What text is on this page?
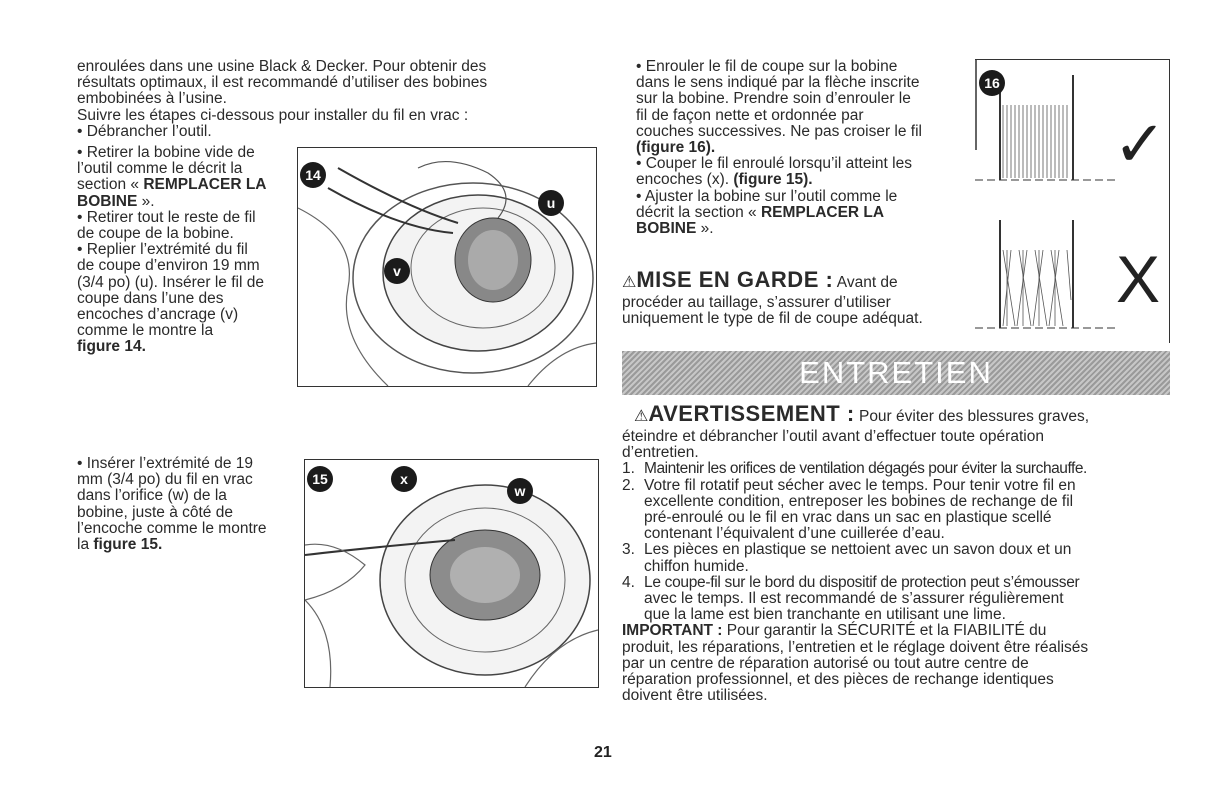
enroulées dans une usine Black & Decker. Pour obtenir des

résultats optimaux, il est recommandé d’utiliser des bobines

embobinées à l’usine.

Suivre les étapes ci-dessous pour installer du fil en vrac :

• Débrancher l’outil.

• Retirer la bobine vide de

l’outil comme le décrit la

section « REMPLACER LA

BOBINE ».

• Retirer tout le reste de fil

de coupe de la bobine.

• Replier l’extrémité du fil

de coupe d’environ 19 mm

(3/4 po) (u). Insérer le fil de

coupe dans l’une des

encoches d’ancrage (v)

comme le montre la

figure 14.

• Insérer l’extrémité de 19

mm (3/4 po) du fil en vrac

dans l’orifice (w) de la

bobine, juste à côté de

l’encoche comme le montre

la figure 15.

14
u
v
15	x
w

• Enrouler le fil de coupe sur la bobine

dans le sens indiqué par la flèche inscrite

sur la bobine. Prendre soin d’enrouler le

fil de façon nette et ordonnée par

couches successives. Ne pas croiser le fil

(figure 16).

• Couper le fil enroulé lorsqu’il atteint les

encoches (x). (figure 15).

• Ajuster la bobine sur l’outil comme le

décrit la section « REMPLACER LA

BOBINE ».

16
✓
X

⚠MISE EN GARDE : Avant de

procéder au taillage, s’assurer d’utiliser

uniquement le type de fil de coupe adéquat.

ENTRETIEN

⚠AVERTISSEMENT : Pour éviter des blessures graves,

éteindre et débrancher l’outil avant d’effectuer toute opération

d’entretien.

1. Maintenir les orifices de ventilation dégagés pour éviter la surchauffe.
2. Votre fil rotatif peut sécher avec le temps. Pour tenir votre fil en
excellente condition, entreposer les bobines de rechange de fil
pré-enroulé ou le fil en vrac dans un sac en plastique scellé
contenant l’équivalent d’une cuillerée d’eau.
3. Les pièces en plastique se nettoient avec un savon doux et un
chiffon humide.
4. Le coupe-fil sur le bord du dispositif de protection peut s’émousser
avec le temps. Il est recommandé de s’assurer régulièrement
que la lame est bien tranchante en utilisant une lime.

IMPORTANT : Pour garantir la SÉCURITÉ et la FIABILITÉ du

produit, les réparations, l’entretien et le réglage doivent être réalisés

par un centre de réparation autorisé ou tout autre centre de

réparation professionnel, et des pièces de rechange identiques

doivent être utilisées.

21
